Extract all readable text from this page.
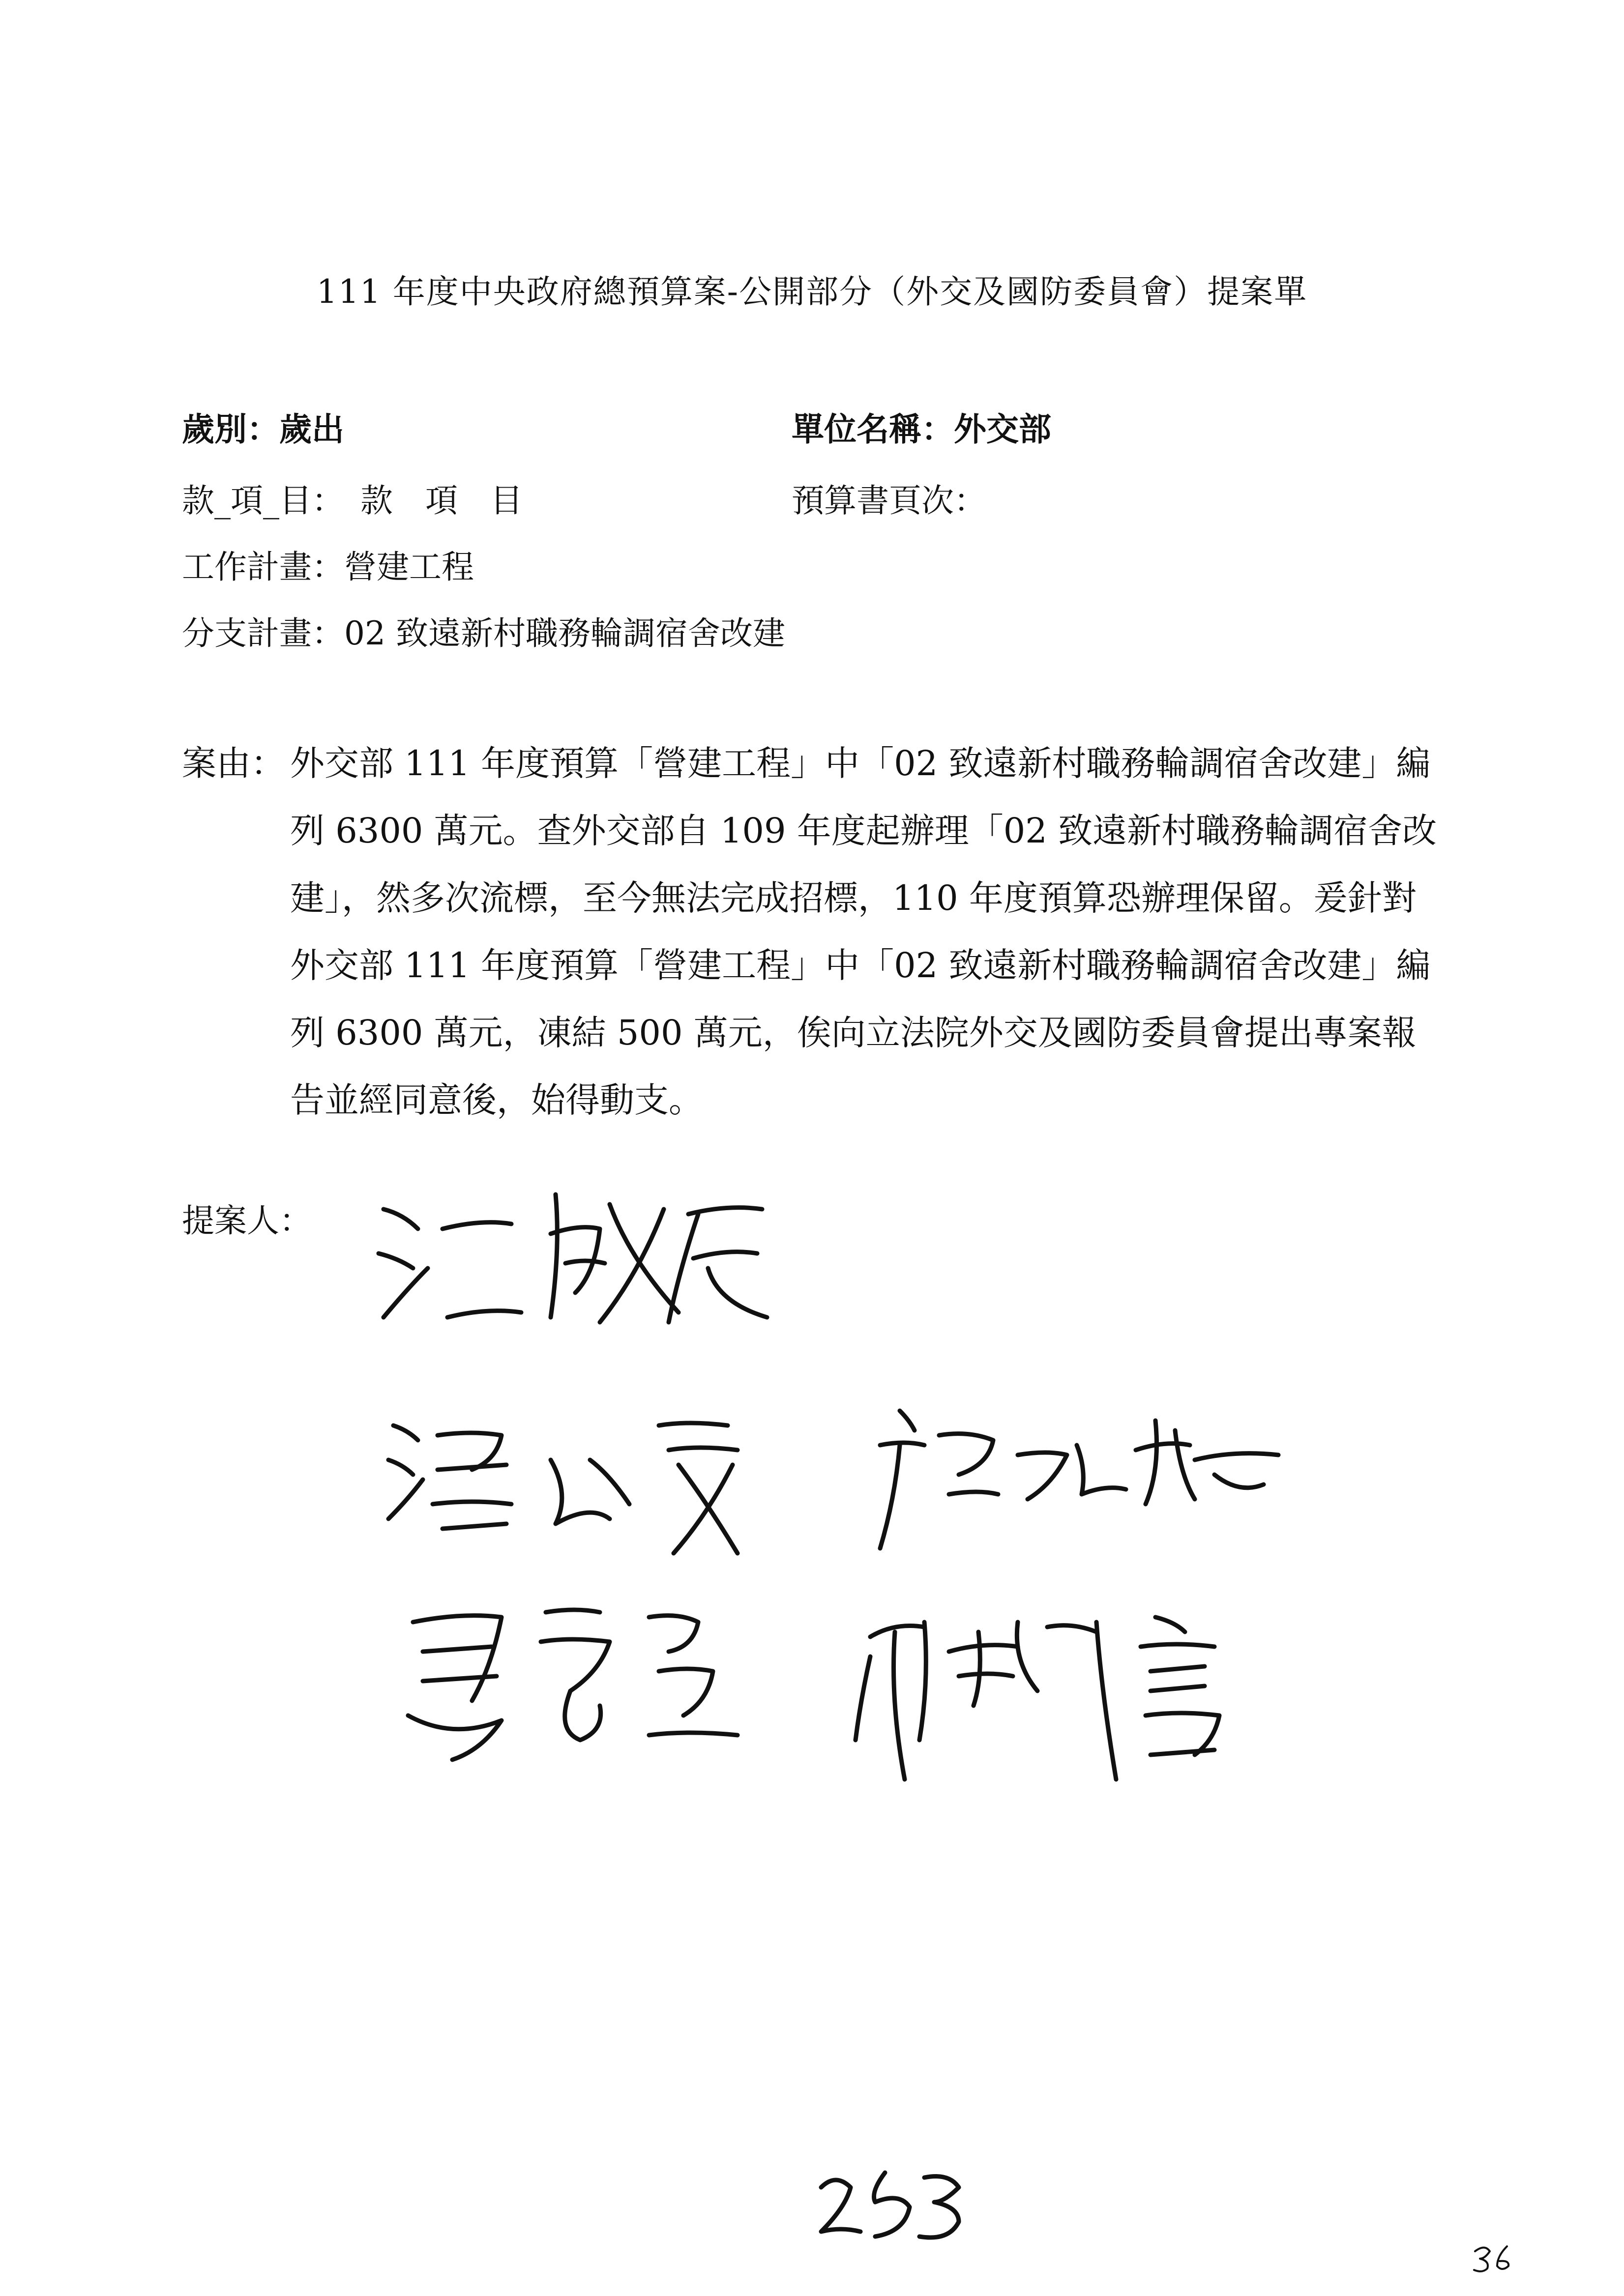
111 年度中央政府總預算案-公開部分（外交及國防委員會）提案單
歲別：歲出	單位名稱：外交部
款_項_目：　款　項　目	預算書頁次：
工作計畫：營建工程
分支計畫：02 致遠新村職務輪調宿舍改建
案由： 外交部 111 年度預算「營建工程」中「02 致遠新村職務輪調宿舍改建」編列 6300 萬元。查外交部自 109 年度起辦理「02 致遠新村職務輪調宿舍改建」，然多次流標，至今無法完成招標，110 年度預算恐辦理保留。爰針對外交部 111 年度預算「營建工程」中「02 致遠新村職務輪調宿舍改建」編列 6300 萬元，凍結 500 萬元，俟向立法院外交及國防委員會提出專案報告並經同意後，始得動支。
提案人：
